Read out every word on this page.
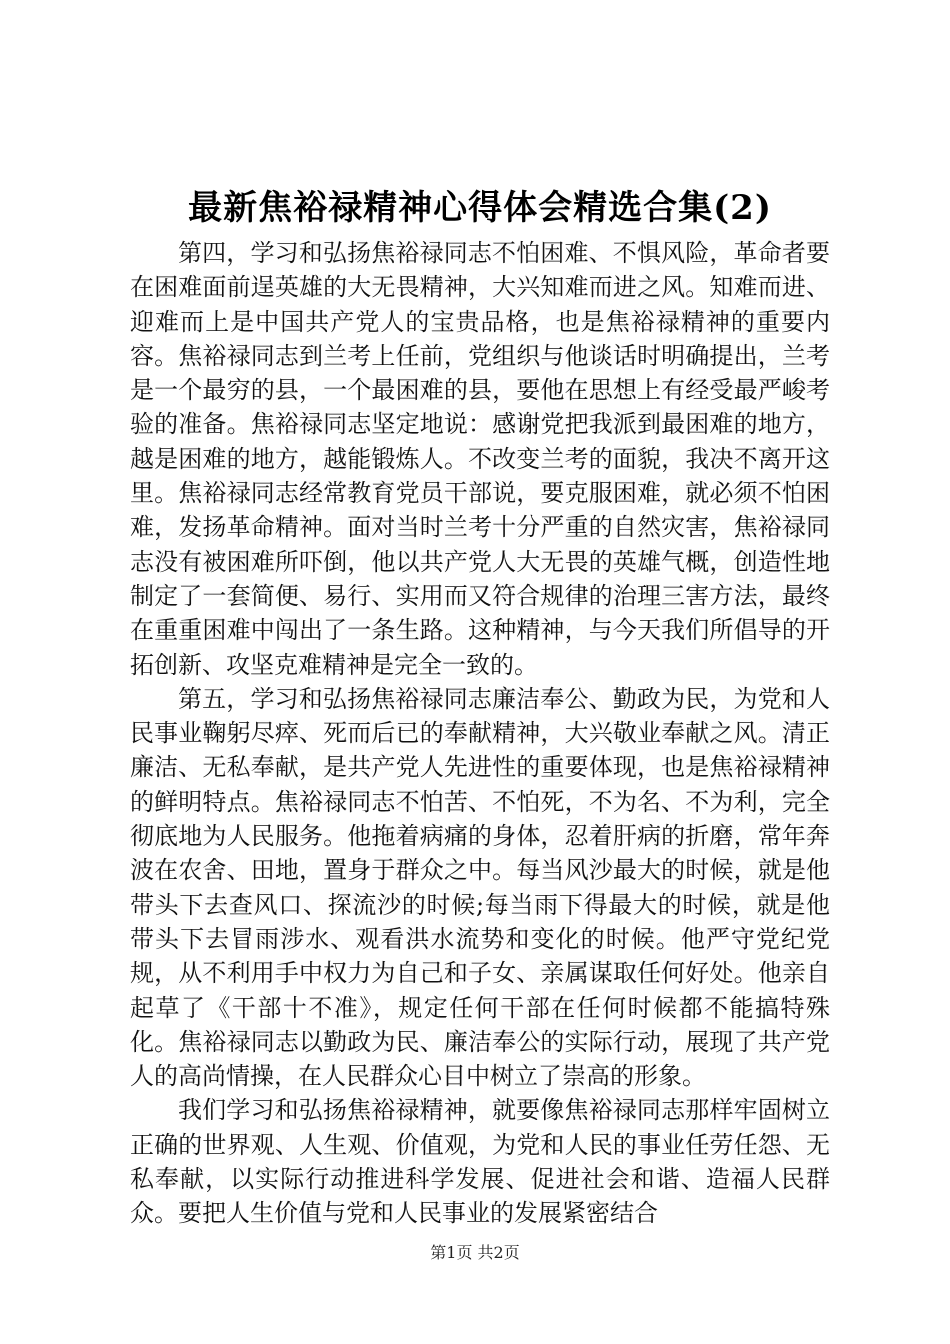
最新焦裕禄精神心得体会精选合集(2)

第四，学习和弘扬焦裕禄同志不怕困难、不惧风险，革命者要在困难面前逞英雄的大无畏精神，大兴知难而进之风。知难而进、迎难而上是中国共产党人的宝贵品格，也是焦裕禄精神的重要内容。焦裕禄同志到兰考上任前，党组织与他谈话时明确提出，兰考是一个最穷的县，一个最困难的县，要他在思想上有经受最严峻考验的准备。焦裕禄同志坚定地说：感谢党把我派到最困难的地方，越是困难的地方，越能锻炼人。不改变兰考的面貌，我决不离开这里。焦裕禄同志经常教育党员干部说，要克服困难，就必须不怕困难，发扬革命精神。面对当时兰考十分严重的自然灾害，焦裕禄同志没有被困难所吓倒，他以共产党人大无畏的英雄气概，创造性地制定了一套简便、易行、实用而又符合规律的治理三害方法，最终在重重困难中闯出了一条生路。这种精神，与今天我们所倡导的开拓创新、攻坚克难精神是完全一致的。

第五，学习和弘扬焦裕禄同志廉洁奉公、勤政为民，为党和人民事业鞠躬尽瘁、死而后已的奉献精神，大兴敬业奉献之风。清正廉洁、无私奉献，是共产党人先进性的重要体现，也是焦裕禄精神的鲜明特点。焦裕禄同志不怕苦、不怕死，不为名、不为利，完全彻底地为人民服务。他拖着病痛的身体，忍着肝病的折磨，常年奔波在农舍、田地，置身于群众之中。每当风沙最大的时候，就是他带头下去查风口、探流沙的时候;每当雨下得最大的时候，就是他带头下去冒雨涉水、观看洪水流势和变化的时候。他严守党纪党规，从不利用手中权力为自己和子女、亲属谋取任何好处。他亲自起草了《干部十不准》，规定任何干部在任何时候都不能搞特殊化。焦裕禄同志以勤政为民、廉洁奉公的实际行动，展现了共产党人的高尚情操，在人民群众心目中树立了崇高的形象。

我们学习和弘扬焦裕禄精神，就要像焦裕禄同志那样牢固树立正确的世界观、人生观、价值观，为党和人民的事业任劳任怨、无私奉献，以实际行动推进科学发展、促进社会和谐、造福人民群众。要把人生价值与党和人民事业的发展紧密结合

第1页 共2页
